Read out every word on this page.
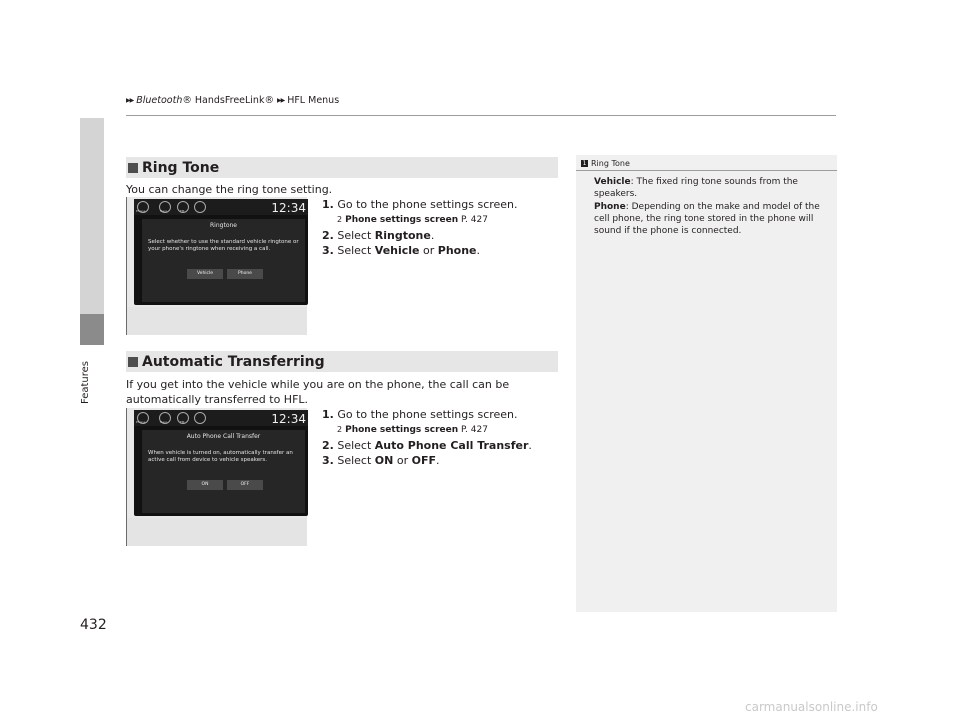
▶▶ Bluetooth ® HandsFreeLink® ▶▶ HFL Menus
Features
432
Ring Tone
You can change the ring tone setting.
1. Go to the phone settings screen.
2 Phone settings screen P. 427
2. Select Ringtone.
3. Select Vehicle or Phone.
Phone	Navi	FM	12:34
Ringtone
Select whether to use the standard vehicle ringtone or your phone's ringtone when receiving a call.
Vehicle	Phone
Automatic Transferring
If you get into the vehicle while you are on the phone, the call can be automatically transferred to HFL.
1. Go to the phone settings screen.
2 Phone settings screen P. 427
2. Select Auto Phone Call Transfer.
3. Select ON or OFF.
Phone	Navi	FM	12:34
Auto Phone Call Transfer
When vehicle is turned on, automatically transfer an active call from device to vehicle speakers.
ON	OFF
1 Ring Tone

Vehicle: The fixed ring tone sounds from the speakers.

Phone: Depending on the make and model of the cell phone, the ring tone stored in the phone will sound if the phone is connected.

carmanualsonline.info
